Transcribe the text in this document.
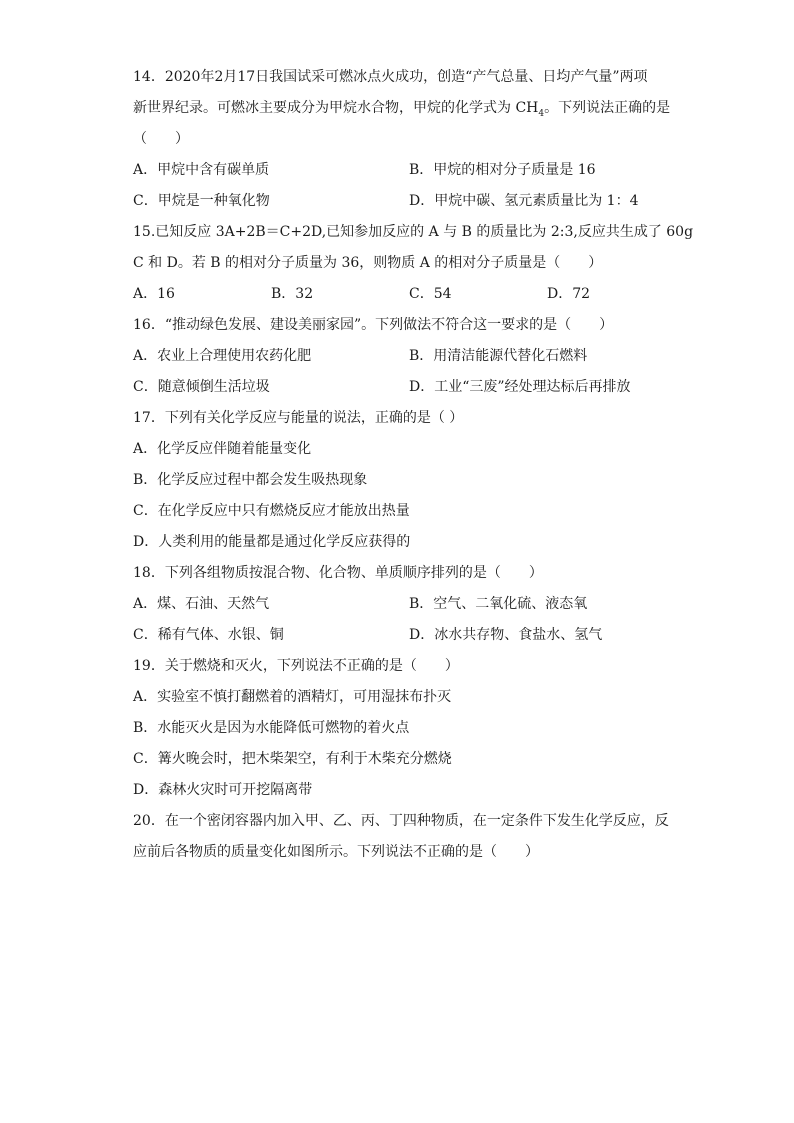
14．2020年2月17日我国试采可燃冰点火成功，创造“产气总量、日均产气量”两项
新世界纪录。可燃冰主要成分为甲烷水合物，甲烷的化学式为 $CH_4$。下列说法正确的是
（　　）
A．甲烷中含有碳单质	B．甲烷的相对分子质量是 16
C．甲烷是一种氧化物	D．甲烷中碳、氢元素质量比为 1：4
15.已知反应 3A+2B＝C+2D,已知参加反应的 A 与 B 的质量比为 2:3,反应共生成了 60g
C 和 D。若 B 的相对分子质量为 36，则物质 A 的相对分子质量是（　　）
A．16	B．32	C．54	D．72
16．“推动绿色发展、建设美丽家园”。下列做法不符合这一要求的是（　　）
A．农业上合理使用农药化肥	B．用清洁能源代替化石燃料
C．随意倾倒生活垃圾	D．工业“三废”经处理达标后再排放
17．下列有关化学反应与能量的说法，正确的是（ ）
A．化学反应伴随着能量变化
B．化学反应过程中都会发生吸热现象
C．在化学反应中只有燃烧反应才能放出热量
D．人类利用的能量都是通过化学反应获得的
18．下列各组物质按混合物、化合物、单质顺序排列的是（　　）
A．煤、石油、天然气	B．空气、二氧化硫、液态氧
C．稀有气体、水银、铜	D．冰水共存物、食盐水、氢气
19．关于燃烧和灭火，下列说法不正确的是（　　）
A．实验室不慎打翻燃着的酒精灯，可用湿抹布扑灭
B．水能灭火是因为水能降低可燃物的着火点
C．篝火晚会时，把木柴架空，有利于木柴充分燃烧
D．森林火灾时可开挖隔离带
20．在一个密闭容器内加入甲、乙、丙、丁四种物质，在一定条件下发生化学反应，反
应前后各物质的质量变化如图所示。下列说法不正确的是（　　）
